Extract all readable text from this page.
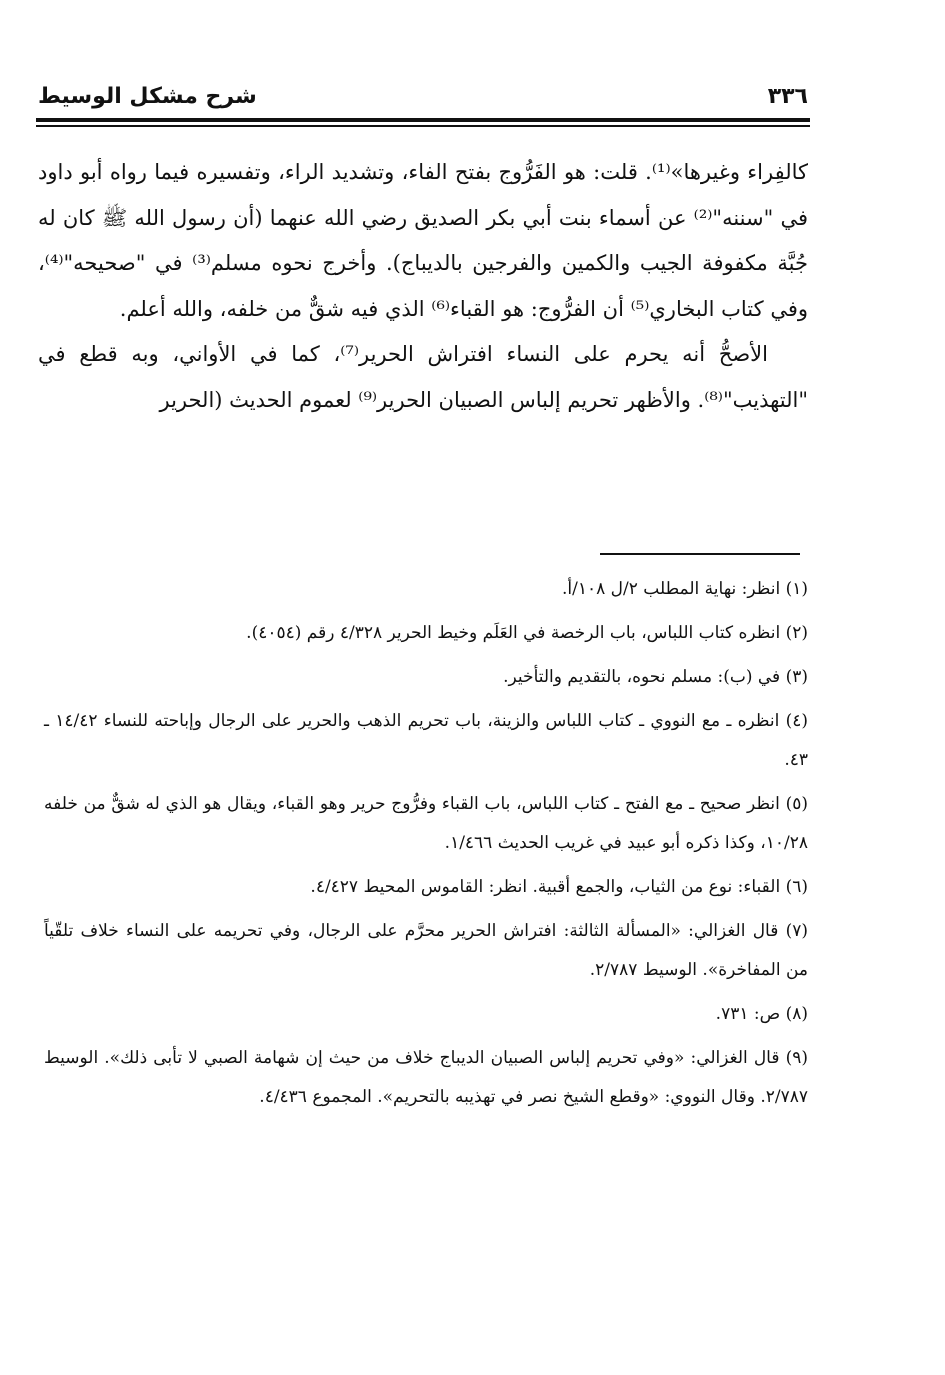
شرح مشكل الوسيط	٣٣٦

كالفِراء وغيرها»⁽¹⁾. قلت: هو الفَرُّوج بفتح الفاء، وتشديد الراء، وتفسيره فيما رواه أبو داود في "سننه"⁽²⁾ عن أسماء بنت أبي بكر الصديق رضي الله عنهما (أن رسول الله ﷺ كان له جُبَّة مكفوفة الجيب والكمين والفرجين بالديباج). وأخرج نحوه مسلم⁽³⁾ في "صحيحه"⁽⁴⁾، وفي كتاب البخاري⁽⁵⁾ أن الفرُّوج: هو القباء⁽⁶⁾ الذي فيه شقٌّ من خلفه، والله أعلم.

الأصحُّ أنه يحرم على النساء افتراش الحرير⁽⁷⁾، كما في الأواني، وبه قطع في "التهذيب"⁽⁸⁾. والأظهر تحريم إلباس الصبيان الحرير⁽⁹⁾ لعموم الحديث (الحرير

(١) انظر: نهاية المطلب ٢/ل ١٠٨/أ.

(٢) انظره كتاب اللباس، باب الرخصة في العَلَم وخيط الحرير ٤/٣٢٨ رقم (٤٠٥٤).

(٣) في (ب): مسلم نحوه، بالتقديم والتأخير.

(٤) انظره ـ مع النووي ـ كتاب اللباس والزينة، باب تحريم الذهب والحرير على الرجال وإباحته للنساء ١٤/٤٢ ـ ٤٣.

(٥) انظر صحيح ـ مع الفتح ـ كتاب اللباس، باب القباء وفرُّوج حرير وهو القباء، ويقال هو الذي له شقٌّ من خلفه ١٠/٢٨، وكذا ذكره أبو عبيد في غريب الحديث ١/٤٦٦.

(٦) القباء: نوع من الثياب، والجمع أقبية. انظر: القاموس المحيط ٤/٤٢٧.

(٧) قال الغزالي: «المسألة الثالثة: افتراش الحرير محرَّم على الرجال، وفي تحريمه على النساء خلاف تلقّياً من المفاخرة». الوسيط ٢/٧٨٧.

(٨) ص: ٧٣١.

(٩) قال الغزالي: «وفي تحريم إلباس الصبيان الديباج خلاف من حيث إن شهامة الصبي لا تأبى ذلك». الوسيط ٢/٧٨٧. وقال النووي: «وقطع الشيخ نصر في تهذيبه بالتحريم». المجموع ٤/٤٣٦.
